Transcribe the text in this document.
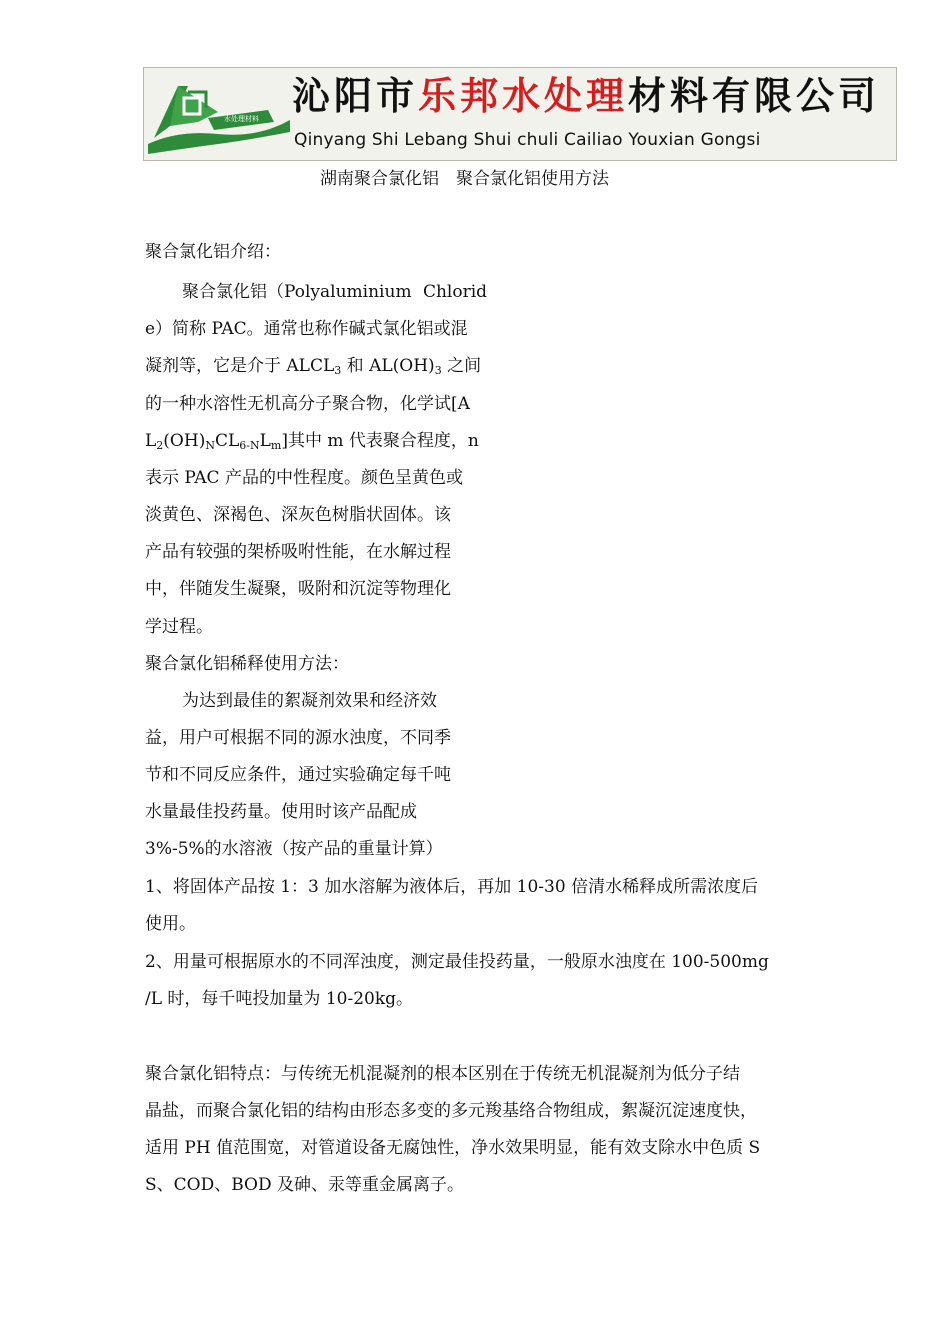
水处理材料
沁阳市乐邦水处理材料有限公司
Qinyang Shi Lebang Shui chuli Cailiao Youxian Gongsi
湖南聚合氯化铝　聚合氯化铝使用方法
聚合氯化铝介绍：
聚合氯化铝（Polyaluminium Chlorid
e）简称 PAC。通常也称作碱式氯化铝或混
凝剂等，它是介于 $ALCL_3$ 和 $AL(OH)_3$ 之间
的一种水溶性无机高分子聚合物，化学试[A
$L_2(OH)_NCL_{6-N}L_m$]其中 m 代表聚合程度，n
表示 PAC 产品的中性程度。颜色呈黄色或
淡黄色、深褐色、深灰色树脂状固体。该
产品有较强的架桥吸咐性能，在水解过程
中，伴随发生凝聚，吸附和沉淀等物理化
学过程。
聚合氯化铝稀释使用方法：
为达到最佳的絮凝剂效果和经济效
益，用户可根据不同的源水浊度，不同季
节和不同反应条件，通过实验确定每千吨
水量最佳投药量。使用时该产品配成
3%-5%的水溶液（按产品的重量计算）
1、将固体产品按 1：3 加水溶解为液体后，再加 10-30 倍清水稀释成所需浓度后
使用。
2、用量可根据原水的不同浑浊度，测定最佳投药量，一般原水浊度在 100-500mg
/L 时，每千吨投加量为 10-20kg。
聚合氯化铝特点：与传统无机混凝剂的根本区别在于传统无机混凝剂为低分子结
晶盐，而聚合氯化铝的结构由形态多变的多元羧基络合物组成，絮凝沉淀速度快，
适用 PH 值范围宽，对管道设备无腐蚀性，净水效果明显，能有效支除水中色质 S
S、COD、BOD 及砷、汞等重金属离子。
